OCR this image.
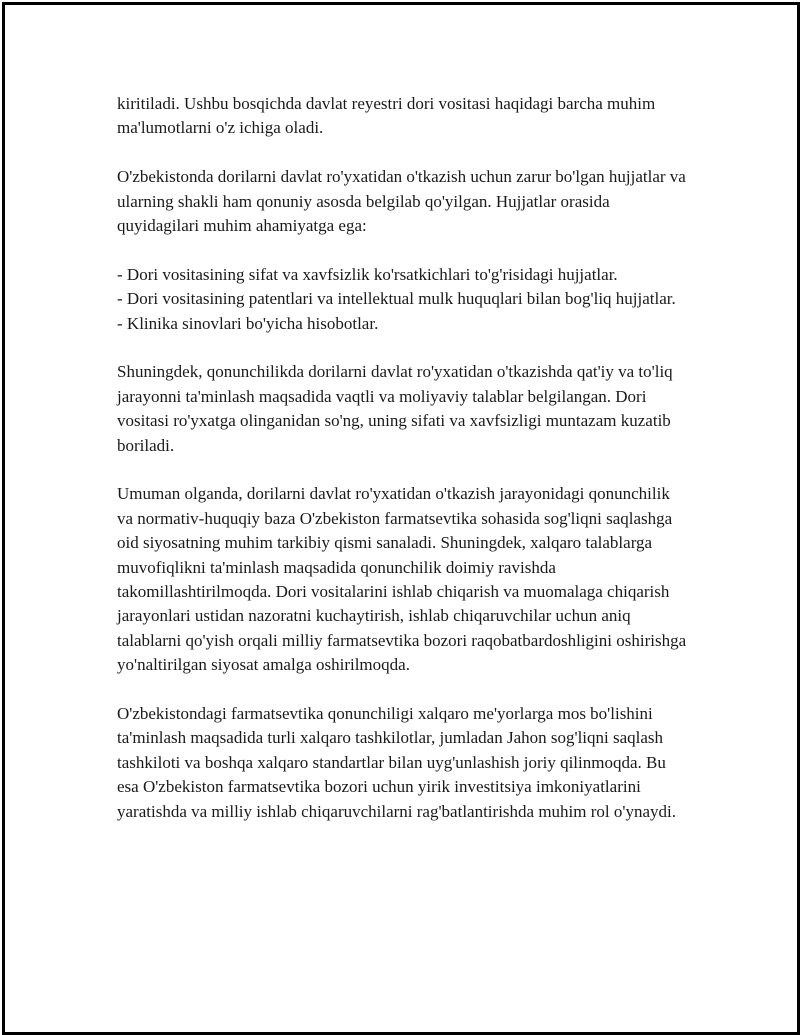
kiritiladi. Ushbu bosqichda davlat reyestri dori vositasi haqidagi barcha muhim ma'lumotlarni o'z ichiga oladi.

O'zbekistonda dorilarni davlat ro'yxatidan o'tkazish uchun zarur bo'lgan hujjatlar va ularning shakli ham qonuniy asosda belgilab qo'yilgan. Hujjatlar orasida quyidagilari muhim ahamiyatga ega:

- Dori vositasining sifat va xavfsizlik ko'rsatkichlari to'g'risidagi hujjatlar.
- Dori vositasining patentlari va intellektual mulk huquqlari bilan bog'liq hujjatlar.
- Klinika sinovlari bo'yicha hisobotlar.

Shuningdek, qonunchilikda dorilarni davlat ro'yxatidan o'tkazishda qat'iy va to'liq jarayonni ta'minlash maqsadida vaqtli va moliyaviy talablar belgilangan. Dori vositasi ro'yxatga olinganidan so'ng, uning sifati va xavfsizligi muntazam kuzatib boriladi.

Umuman olganda, dorilarni davlat ro'yxatidan o'tkazish jarayonidagi qonunchilik va normativ-huquqiy baza O'zbekiston farmatsevtika sohasida sog'liqni saqlashga oid siyosatning muhim tarkibiy qismi sanaladi. Shuningdek, xalqaro talablarga muvofiqlikni ta'minlash maqsadida qonunchilik doimiy ravishda takomillashtirilmoqda. Dori vositalarini ishlab chiqarish va muomalaga chiqarish jarayonlari ustidan nazoratni kuchaytirish, ishlab chiqaruvchilar uchun aniq talablarni qo'yish orqali milliy farmatsevtika bozori raqobatbardoshligini oshirishga yo'naltirilgan siyosat amalga oshirilmoqda.

O'zbekistondagi farmatsevtika qonunchiligi xalqaro me'yorlarga mos bo'lishini ta'minlash maqsadida turli xalqaro tashkilotlar, jumladan Jahon sog'liqni saqlash tashkiloti va boshqa xalqaro standartlar bilan uyg'unlashish joriy qilinmoqda. Bu esa O'zbekiston farmatsevtika bozori uchun yirik investitsiya imkoniyatlarini yaratishda va milliy ishlab chiqaruvchilarni rag'batlantirishda muhim rol o'ynaydi.
